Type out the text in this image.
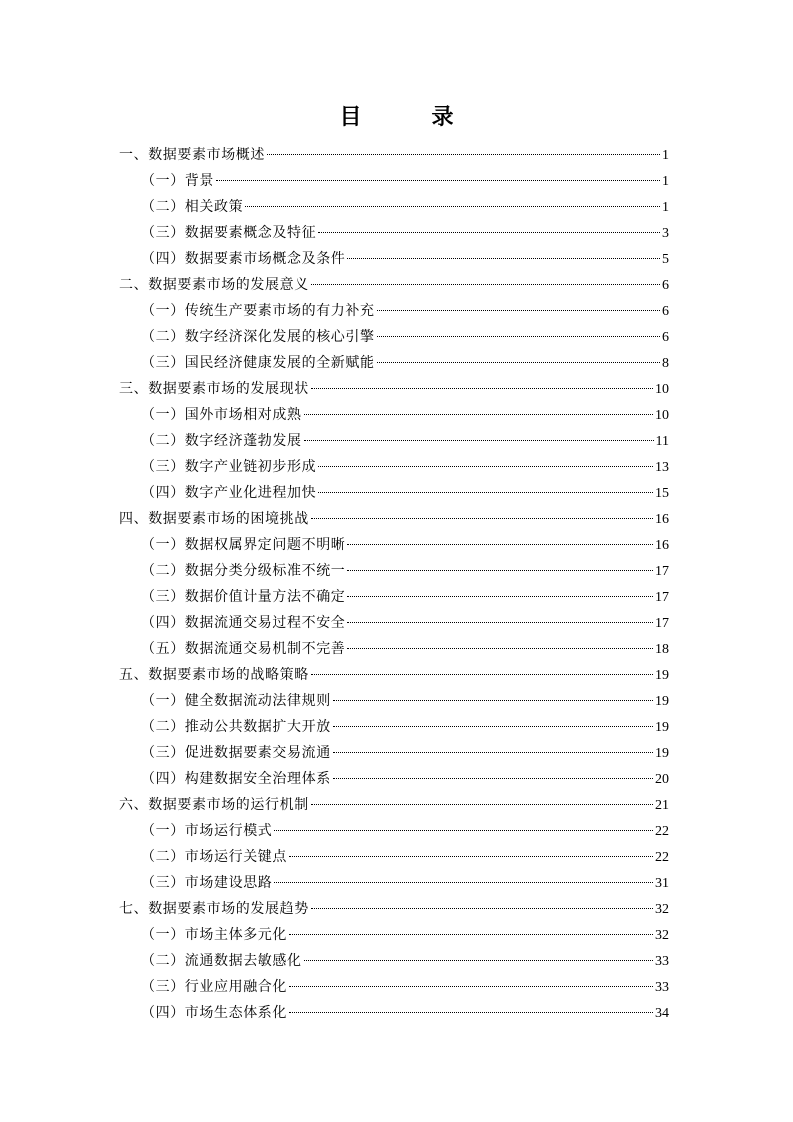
目　录
一、数据要素市场概述	1
（一）背景	1
（二）相关政策	1
（三）数据要素概念及特征	3
（四）数据要素市场概念及条件	5
二、数据要素市场的发展意义	6
（一）传统生产要素市场的有力补充	6
（二）数字经济深化发展的核心引擎	6
（三）国民经济健康发展的全新赋能	8
三、数据要素市场的发展现状	10
（一）国外市场相对成熟	10
（二）数字经济蓬勃发展	11
（三）数字产业链初步形成	13
（四）数字产业化进程加快	15
四、数据要素市场的困境挑战	16
（一）数据权属界定问题不明晰	16
（二）数据分类分级标准不统一	17
（三）数据价值计量方法不确定	17
（四）数据流通交易过程不安全	17
（五）数据流通交易机制不完善	18
五、数据要素市场的战略策略	19
（一）健全数据流动法律规则	19
（二）推动公共数据扩大开放	19
（三）促进数据要素交易流通	19
（四）构建数据安全治理体系	20
六、数据要素市场的运行机制	21
（一）市场运行模式	22
（二）市场运行关键点	22
（三）市场建设思路	31
七、数据要素市场的发展趋势	32
（一）市场主体多元化	32
（二）流通数据去敏感化	33
（三）行业应用融合化	33
（四）市场生态体系化	34
